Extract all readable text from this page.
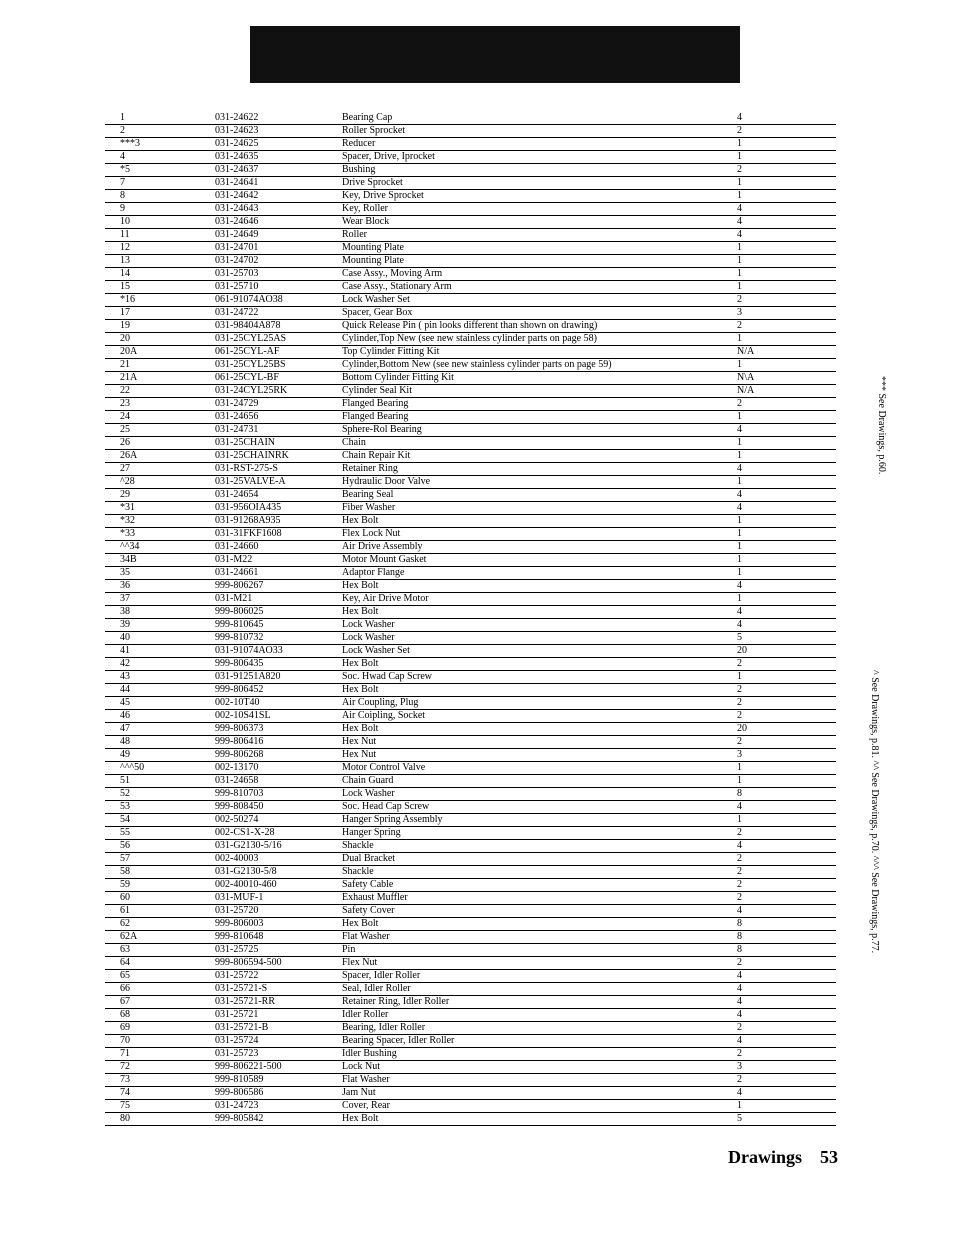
1	031-24622	Bearing Cap	4
2	031-24623	Roller Sprocket	2
***3	031-24625	Reducer	1
4	031-24635	Spacer, Drive, Iprocket	1
*5	031-24637	Bushing	2
7	031-24641	Drive Sprocket	1
8	031-24642	Key, Drive Sprocket	1
9	031-24643	Key, Roller	4
10	031-24646	Wear Block	4
11	031-24649	Roller	4
12	031-24701	Mounting Plate	1
13	031-24702	Mounting Plate	1
14	031-25703	Case Assy., Moving Arm	1
15	031-25710	Case Assy., Stationary Arm	1
*16	061-91074AO38	Lock Washer Set	2
17	031-24722	Spacer, Gear Box	3
19	031-98404A878	Quick Release Pin ( pin looks different than shown on drawing)	2
20	031-25CYL25AS	Cylinder,Top New (see new stainless cylinder parts on page 58)	1
20A	061-25CYL-AF	Top Cylinder Fitting Kit	N/A
21	031-25CYL25BS	Cylinder,Bottom New (see new stainless cylinder parts on page 59)	1
21A	061-25CYL-BF	Bottom Cylinder Fitting Kit	N\A
22	031-24CYL25RK	Cylinder Seal Kit	N/A
23	031-24729	Flanged Bearing	2
24	031-24656	Flanged Bearing	1
25	031-24731	Sphere-Rol Bearing	4
26	031-25CHAIN	Chain	1
26A	031-25CHAINRK	Chain Repair Kit	1
27	031-RST-275-S	Retainer Ring	4
^28	031-25VALVE-A	Hydraulic Door Valve	1
29	031-24654	Bearing Seal	4
*31	031-956OIA435	Fiber Washer	4
*32	031-91268A935	Hex Bolt	1
*33	031-31FKF1608	Flex Lock Nut	1
^^34	031-24660	Air Drive Assembly	1
34B	031-M22	Motor Mount Gasket	1
35	031-24661	Adaptor Flange	1
36	999-806267	Hex Bolt	4
37	031-M21	Key, Air Drive Motor	1
38	999-806025	Hex Bolt	4
39	999-810645	Lock Washer	4
40	999-810732	Lock Washer	5
41	031-91074AO33	Lock Washer Set	20
42	999-806435	Hex Bolt	2
43	031-91251A820	Soc. Hwad Cap Screw	1
44	999-806452	Hex Bolt	2
45	002-10T40	Air Coupling, Plug	2
46	002-10S41SL	Air Coipling, Socket	2
47	999-806373	Hex Bolt	20
48	999-806416	Hex Nut	2
49	999-806268	Hex Nut	3
^^^50	002-13170	Motor Control Valve	1
51	031-24658	Chain Guard	1
52	999-810703	Lock Washer	8
53	999-808450	Soc. Head Cap Screw	4
54	002-50274	Hanger Spring Assembly	1
55	002-CS1-X-28	Hanger Spring	2
56	031-G2130-5/16	Shackle	4
57	002-40003	Dual Bracket	2
58	031-G2130-5/8	Shackle	2
59	002-40010-460	Safety Cable	2
60	031-MUF-1	Exhaust Muffler	2
61	031-25720	Safety Cover	4
62	999-806003	Hex Bolt	8
62A	999-810648	Flat Washer	8
63	031-25725	Pin	8
64	999-806594-500	Flex Nut	2
65	031-25722	Spacer, Idler Roller	4
66	031-25721-S	Seal, Idler Roller	4
67	031-25721-RR	Retainer Ring, Idler Roller	4
68	031-25721	Idler Roller	4
69	031-25721-B	Bearing, Idler Roller	2
70	031-25724	Bearing Spacer, Idler Roller	4
71	031-25723	Idler Bushing	2
72	999-806221-500	Lock Nut	3
73	999-810589	Flat Washer	2
74	999-806586	Jam Nut	4
75	031-24723	Cover, Rear	1
80	999-805842	Hex Bolt	5
*** See Drawings, p.60.
^ See Drawings, p.81. ^^ See Drawings, p.70. ^^^ See Drawings, p.77.
Drawings 53
